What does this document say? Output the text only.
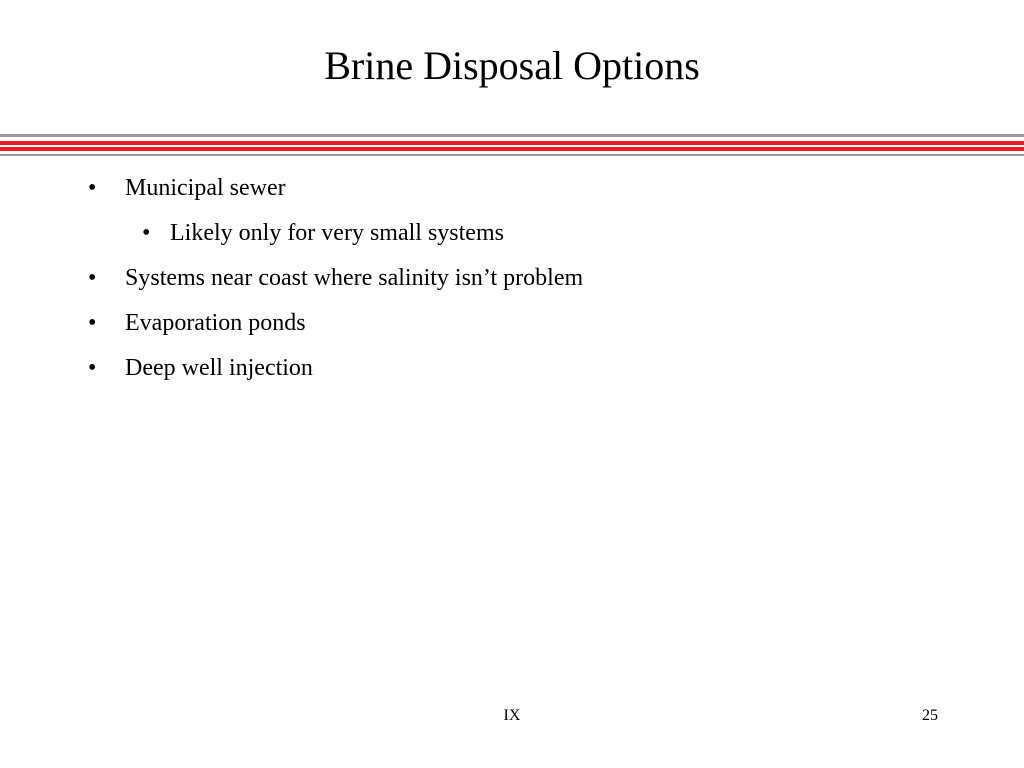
Brine Disposal Options
• Municipal sewer
• Likely only for very small systems
• Systems near coast where salinity isn’t problem
• Evaporation ponds
• Deep well injection
IX	25
